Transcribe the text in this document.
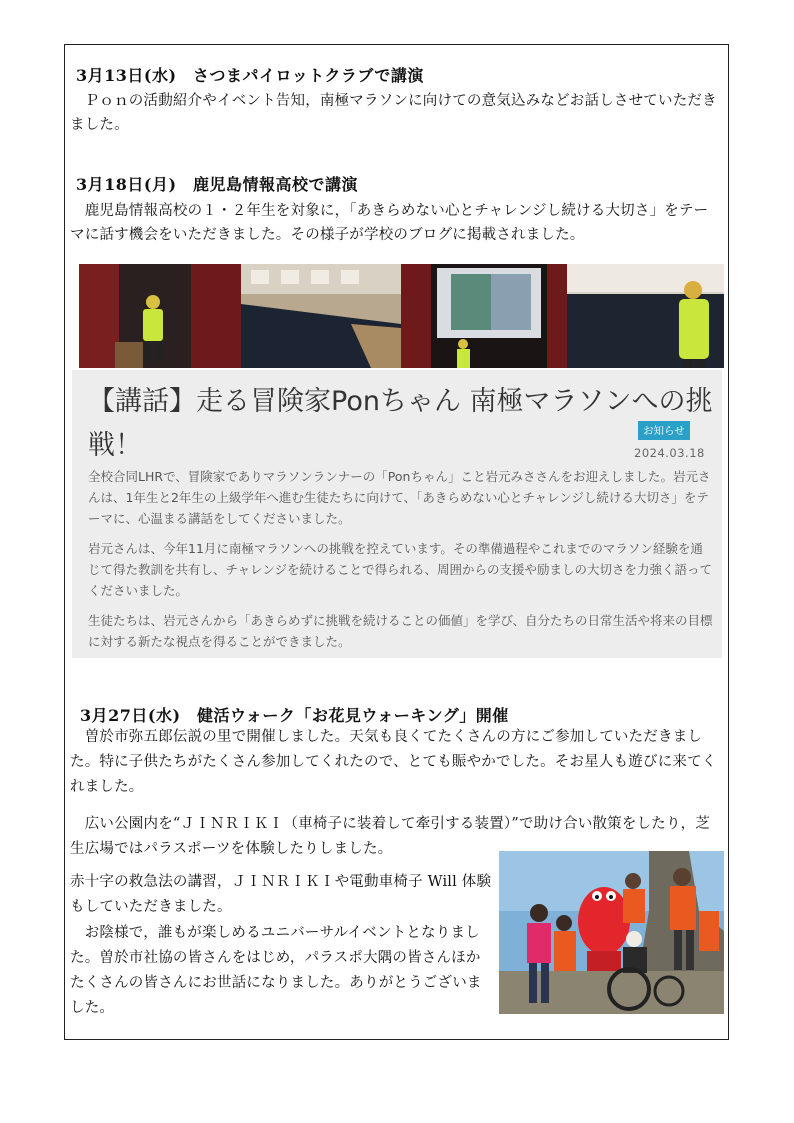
3月13日(水)　さつまパイロットクラブで講演
　Ｐｏｎの活動紹介やイベント告知，南極マラソンに向けての意気込みなどお話しさせていただきました。
3月18日(月)　鹿児島情報高校で講演
　鹿児島情報高校の１・２年生を対象に，「あきらめない心とチャレンジし続ける大切さ」をテーマに話す機会をいただきました。その様子が学校のブログに掲載されました。
【講話】走る冒険家Ponちゃん 南極マラソンへの挑戦！	お知らせ
2024.03.18
全校合同LHRで、冒険家でありマラソンランナーの「Ponちゃん」こと岩元みささんをお迎えしました。岩元さんは、1年生と2年生の上級学年へ進む生徒たちに向けて、「あきらめない心とチャレンジし続ける大切さ」をテーマに、心温まる講話をしてくださいました。
岩元さんは、今年11月に南極マラソンへの挑戦を控えています。その準備過程やこれまでのマラソン経験を通じて得た教訓を共有し、チャレンジを続けることで得られる、周囲からの支援や励ましの大切さを力強く語ってくださいました。
生徒たちは、岩元さんから「あきらめずに挑戦を続けることの価値」を学び、自分たちの日常生活や将来の目標に対する新たな視点を得ることができました。
3月27日(水)　健活ウォーク「お花見ウォーキング」開催
　曽於市弥五郎伝説の里で開催しました。天気も良くてたくさんの方にご参加していただきました。特に子供たちがたくさん参加してくれたので、とても賑やかでした。そお星人も遊びに来てくれました。
　広い公園内を“ＪＩＮＲＩＫＩ（車椅子に装着して牽引する装置）”で助け合い散策をしたり，芝生広場ではパラスポーツを体験したりしました。
赤十字の救急法の講習，ＪＩＮＲＩＫＩや電動車椅子 Will 体験もしていただきました。
　お陰様で，誰もが楽しめるユニバーサルイベントとなりました。曽於市社協の皆さんをはじめ，パラスポ大隅の皆さんほかたくさんの皆さんにお世話になりました。ありがとうございました。
